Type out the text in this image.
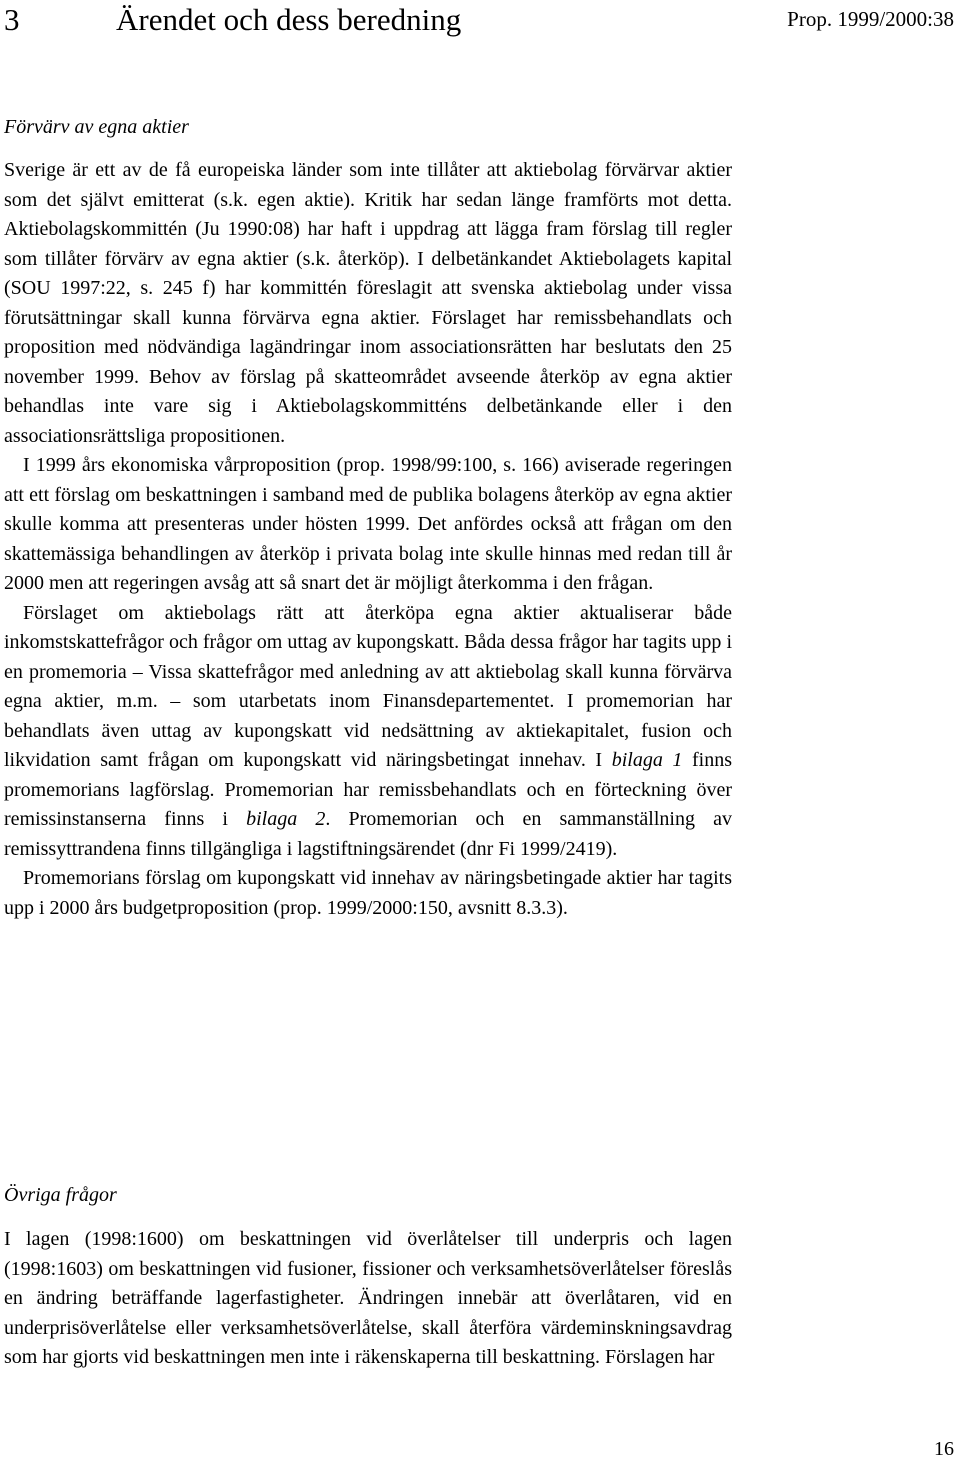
3	Ärendet och dess beredning	Prop. 1999/2000:38
Förvärv av egna aktier

Sverige är ett av de få europeiska länder som inte tillåter att aktiebolag förvärvar aktier som det självt emitterat (s.k. egen aktie). Kritik har sedan länge framförts mot detta. Aktiebolagskommittén (Ju 1990:08) har haft i uppdrag att lägga fram förslag till regler som tillåter förvärv av egna aktier (s.k. återköp). I delbetänkandet Aktiebolagets kapital (SOU 1997:22, s. 245 f) har kommittén föreslagit att svenska aktiebolag under vissa förutsättningar skall kunna förvärva egna aktier. Förslaget har remissbehandlats och proposition med nödvändiga lagändringar inom associationsrätten har beslutats den 25 november 1999. Behov av förslag på skatteområdet avseende återköp av egna aktier behandlas inte vare sig i Aktiebolagskommitténs delbetänkande eller i den associationsrättsliga propositionen.

I 1999 års ekonomiska vårproposition (prop. 1998/99:100, s. 166) aviserade regeringen att ett förslag om beskattningen i samband med de publika bolagens återköp av egna aktier skulle komma att presenteras under hösten 1999. Det anfördes också att frågan om den skattemässiga behandlingen av återköp i privata bolag inte skulle hinnas med redan till år 2000 men att regeringen avsåg att så snart det är möjligt återkomma i den frågan.

Förslaget om aktiebolags rätt att återköpa egna aktier aktualiserar både inkomstskattefrågor och frågor om uttag av kupongskatt. Båda dessa frågor har tagits upp i en promemoria – Vissa skattefrågor med anledning av att aktiebolag skall kunna förvärva egna aktier, m.m. – som utarbetats inom Finansdepartementet. I promemorian har behandlats även uttag av kupongskatt vid nedsättning av aktiekapitalet, fusion och likvidation samt frågan om kupongskatt vid näringsbetingat innehav. I bilaga 1 finns promemorians lagförslag. Promemorian har remissbehandlats och en förteckning över remissinstanserna finns i bilaga 2. Promemorian och en sammanställning av remissyttrandena finns tillgängliga i lagstiftningsärendet (dnr Fi 1999/2419).

Promemorians förslag om kupongskatt vid innehav av näringsbetingade aktier har tagits upp i 2000 års budgetproposition (prop. 1999/2000:150, avsnitt 8.3.3).

Övriga frågor

I lagen (1998:1600) om beskattningen vid överlåtelser till underpris och lagen (1998:1603) om beskattningen vid fusioner, fissioner och verksamhetsöverlåtelser föreslås en ändring beträffande lagerfastigheter. Ändringen innebär att överlåtaren, vid en underprisöverlåtelse eller verksamhetsöverlåtelse, skall återföra värdeminskningsavdrag som har gjorts vid beskattningen men inte i räkenskaperna till beskattning. Förslagen har

16
